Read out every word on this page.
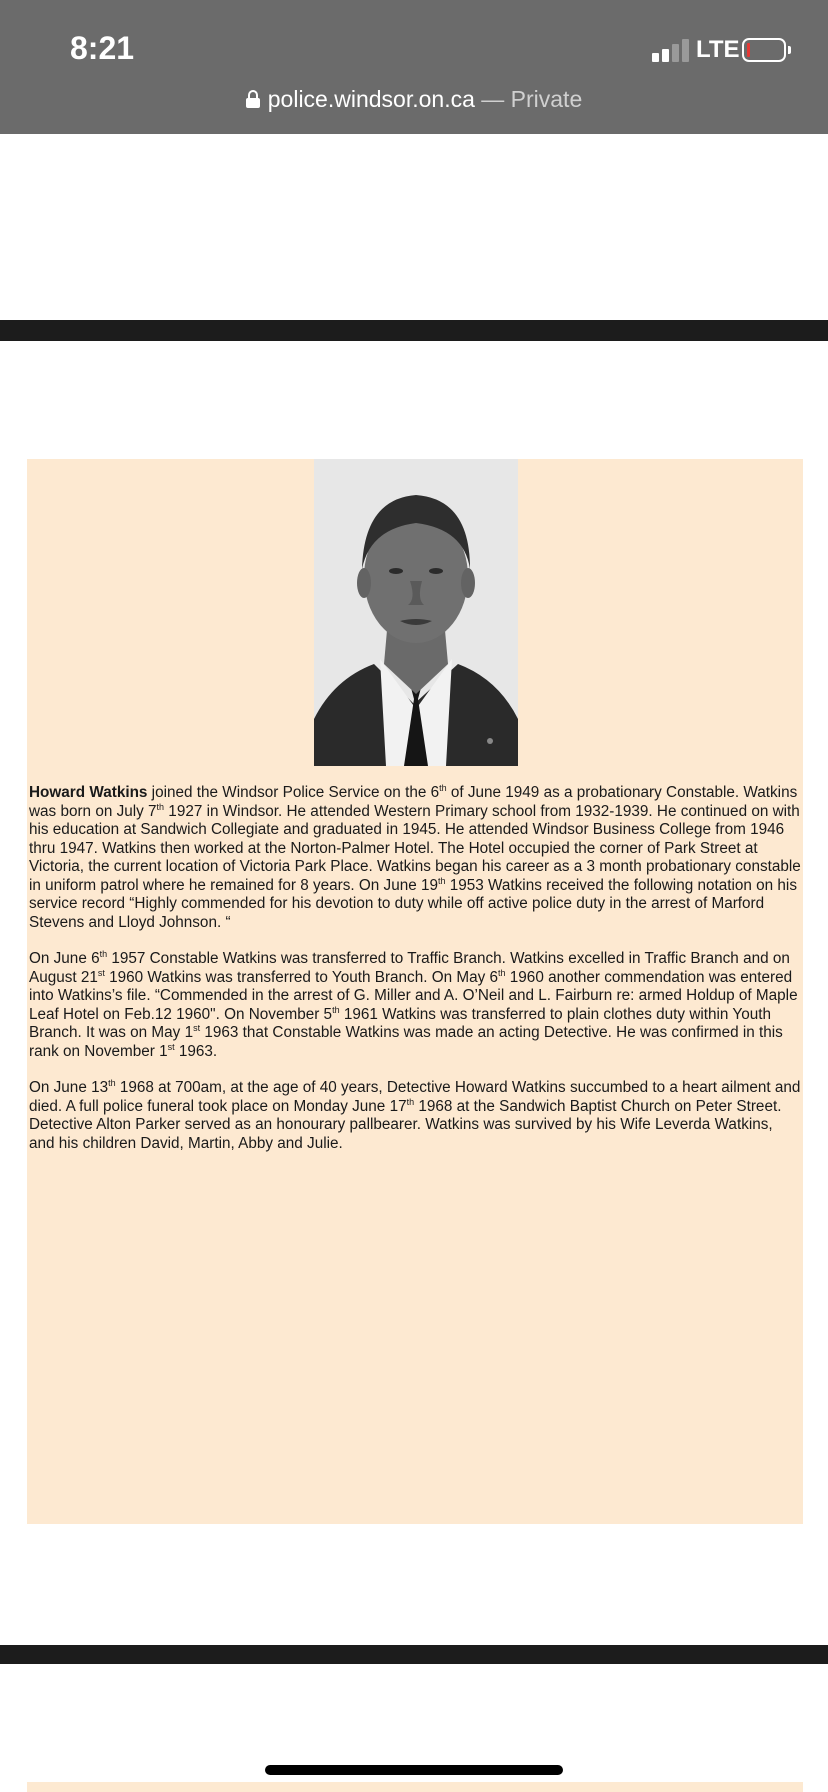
8:21	LTE
police.windsor.on.ca — Private

Howard Watkins joined the Windsor Police Service on the 6th of June 1949 as a probationary Constable. Watkins was born on July 7th 1927 in Windsor. He attended Western Primary school from 1932-1939. He continued on with his education at Sandwich Collegiate and graduated in 1945. He attended Windsor Business College from 1946 thru 1947. Watkins then worked at the Norton-Palmer Hotel. The Hotel occupied the corner of Park Street at Victoria, the current location of Victoria Park Place. Watkins began his career as a 3 month probationary constable in uniform patrol where he remained for 8 years. On June 19th 1953 Watkins received the following notation on his service record “Highly commended for his devotion to duty while off active police duty in the arrest of Marford Stevens and Lloyd Johnson. “

On June 6th 1957 Constable Watkins was transferred to Traffic Branch. Watkins excelled in Traffic Branch and on August 21st 1960 Watkins was transferred to Youth Branch. On May 6th 1960 another commendation was entered into Watkins’s file. “Commended in the arrest of G. Miller and A. O’Neil and L. Fairburn re: armed Holdup of Maple Leaf Hotel on Feb.12 1960". On November 5th 1961 Watkins was transferred to plain clothes duty within Youth Branch. It was on May 1st 1963 that Constable Watkins was made an acting Detective. He was confirmed in this rank on November 1st 1963.

On June 13th 1968 at 700am, at the age of 40 years, Detective Howard Watkins succumbed to a heart ailment and died. A full police funeral took place on Monday June 17th 1968 at the Sandwich Baptist Church on Peter Street. Detective Alton Parker served as an honourary pallbearer. Watkins was survived by his Wife Leverda Watkins, and his children David, Martin, Abby and Julie.
